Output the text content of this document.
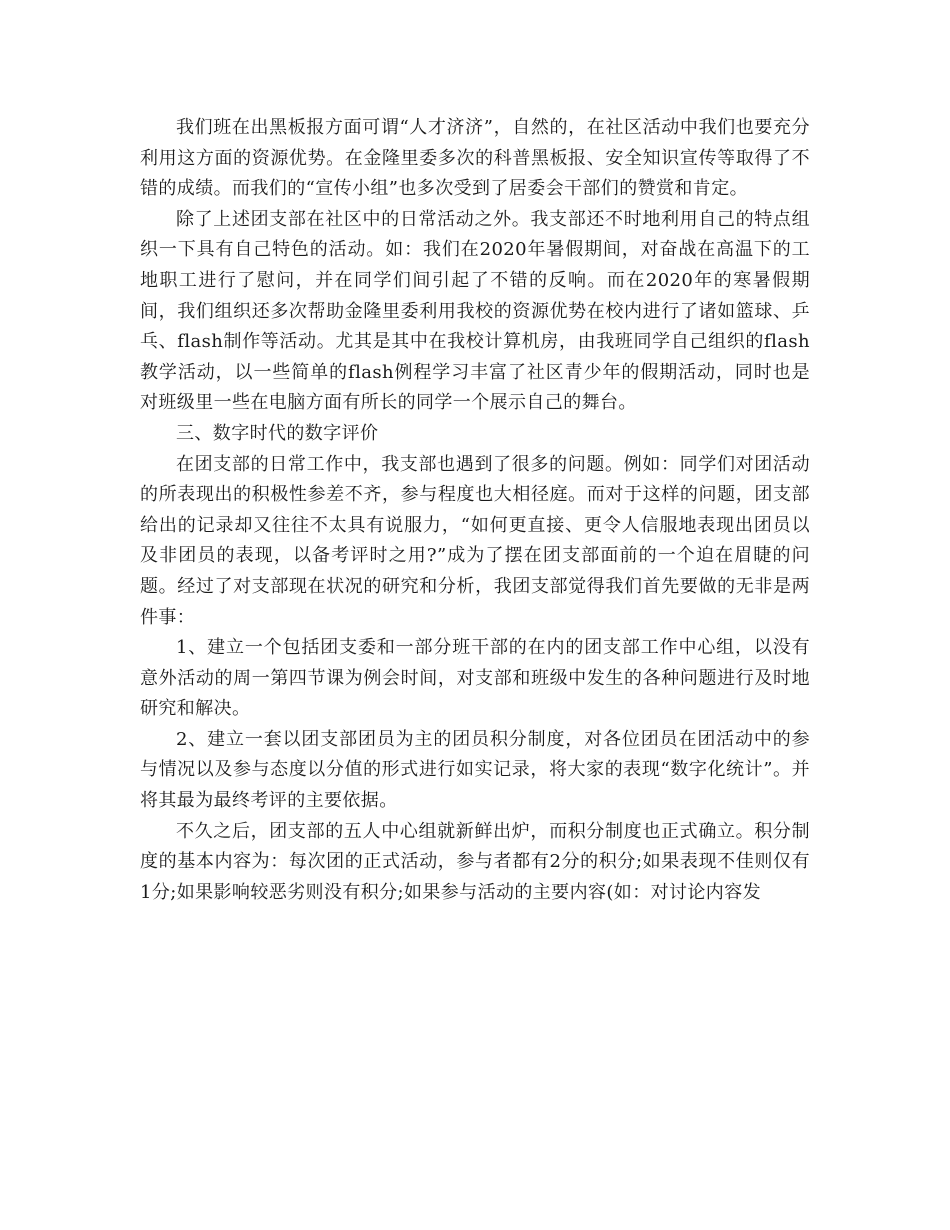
我们班在出黑板报方面可谓“人才济济”，自然的，在社区活动中我们也要充分利用这方面的资源优势。在金隆里委多次的科普黑板报、安全知识宣传等取得了不错的成绩。而我们的“宣传小组”也多次受到了居委会干部们的赞赏和肯定。

除了上述团支部在社区中的日常活动之外。我支部还不时地利用自己的特点组织一下具有自己特色的活动。如：我们在2020年暑假期间，对奋战在高温下的工地职工进行了慰问，并在同学们间引起了不错的反响。而在2020年的寒暑假期间，我们组织还多次帮助金隆里委利用我校的资源优势在校内进行了诸如篮球、乒乓、flash制作等活动。尤其是其中在我校计算机房，由我班同学自己组织的flash教学活动，以一些简单的flash例程学习丰富了社区青少年的假期活动，同时也是对班级里一些在电脑方面有所长的同学一个展示自己的舞台。

三、数字时代的数字评价

在团支部的日常工作中，我支部也遇到了很多的问题。例如：同学们对团活动的所表现出的积极性参差不齐，参与程度也大相径庭。而对于这样的问题，团支部给出的记录却又往往不太具有说服力，“如何更直接、更令人信服地表现出团员以及非团员的表现，以备考评时之用?”成为了摆在团支部面前的一个迫在眉睫的问题。经过了对支部现在状况的研究和分析，我团支部觉得我们首先要做的无非是两件事：

1、建立一个包括团支委和一部分班干部的在内的团支部工作中心组，以没有意外活动的周一第四节课为例会时间，对支部和班级中发生的各种问题进行及时地研究和解决。

2、建立一套以团支部团员为主的团员积分制度，对各位团员在团活动中的参与情况以及参与态度以分值的形式进行如实记录，将大家的表现“数字化统计”。并将其最为最终考评的主要依据。

不久之后，团支部的五人中心组就新鲜出炉，而积分制度也正式确立。积分制度的基本内容为：每次团的正式活动，参与者都有2分的积分;如果表现不佳则仅有1分;如果影响较恶劣则没有积分;如果参与活动的主要内容(如：对讨论内容发
